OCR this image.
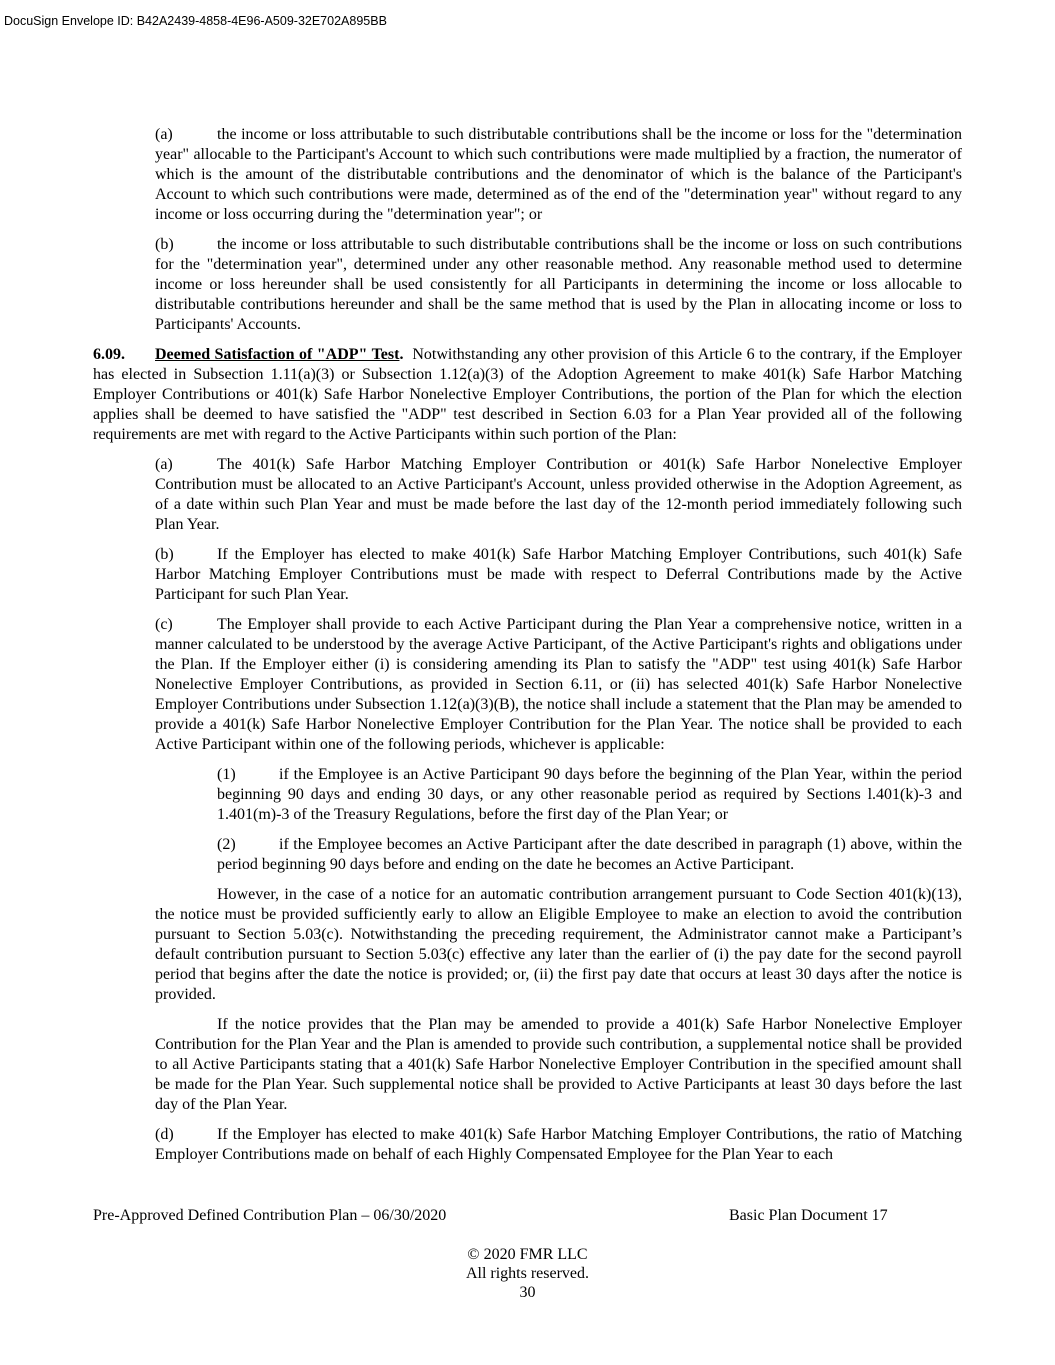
DocuSign Envelope ID: B42A2439-4858-4E96-A509-32E702A895BB

(a)	the income or loss attributable to such distributable contributions shall be the income or loss for the "determination year" allocable to the Participant's Account to which such contributions were made multiplied by a fraction, the numerator of which is the amount of the distributable contributions and the denominator of which is the balance of the Participant's Account to which such contributions were made, determined as of the end of the "determination year" without regard to any income or loss occurring during the "determination year"; or

(b)	the income or loss attributable to such distributable contributions shall be the income or loss on such contributions for the "determination year", determined under any other reasonable method. Any reasonable method used to determine income or loss hereunder shall be used consistently for all Participants in determining the income or loss allocable to distributable contributions hereunder and shall be the same method that is used by the Plan in allocating income or loss to Participants' Accounts.

6.09. Deemed Satisfaction of "ADP" Test. Notwithstanding any other provision of this Article 6 to the contrary, if the Employer has elected in Subsection 1.11(a)(3) or Subsection 1.12(a)(3) of the Adoption Agreement to make 401(k) Safe Harbor Matching Employer Contributions or 401(k) Safe Harbor Nonelective Employer Contributions, the portion of the Plan for which the election applies shall be deemed to have satisfied the "ADP" test described in Section 6.03 for a Plan Year provided all of the following requirements are met with regard to the Active Participants within such portion of the Plan:

(a)	The 401(k) Safe Harbor Matching Employer Contribution or 401(k) Safe Harbor Nonelective Employer Contribution must be allocated to an Active Participant's Account, unless provided otherwise in the Adoption Agreement, as of a date within such Plan Year and must be made before the last day of the 12-month period immediately following such Plan Year.

(b)	If the Employer has elected to make 401(k) Safe Harbor Matching Employer Contributions, such 401(k) Safe Harbor Matching Employer Contributions must be made with respect to Deferral Contributions made by the Active Participant for such Plan Year.

(c)	The Employer shall provide to each Active Participant during the Plan Year a comprehensive notice, written in a manner calculated to be understood by the average Active Participant, of the Active Participant's rights and obligations under the Plan. If the Employer either (i) is considering amending its Plan to satisfy the "ADP" test using 401(k) Safe Harbor Nonelective Employer Contributions, as provided in Section 6.11, or (ii) has selected 401(k) Safe Harbor Nonelective Employer Contributions under Subsection 1.12(a)(3)(B), the notice shall include a statement that the Plan may be amended to provide a 401(k) Safe Harbor Nonelective Employer Contribution for the Plan Year. The notice shall be provided to each Active Participant within one of the following periods, whichever is applicable:

(1)	if the Employee is an Active Participant 90 days before the beginning of the Plan Year, within the period beginning 90 days and ending 30 days, or any other reasonable period as required by Sections l.401(k)-3 and 1.401(m)-3 of the Treasury Regulations, before the first day of the Plan Year; or

(2)	if the Employee becomes an Active Participant after the date described in paragraph (1) above, within the period beginning 90 days before and ending on the date he becomes an Active Participant.

However, in the case of a notice for an automatic contribution arrangement pursuant to Code Section 401(k)(13), the notice must be provided sufficiently early to allow an Eligible Employee to make an election to avoid the contribution pursuant to Section 5.03(c). Notwithstanding the preceding requirement, the Administrator cannot make a Participant’s default contribution pursuant to Section 5.03(c) effective any later than the earlier of (i) the pay date for the second payroll period that begins after the date the notice is provided; or, (ii) the first pay date that occurs at least 30 days after the notice is provided.

If the notice provides that the Plan may be amended to provide a 401(k) Safe Harbor Nonelective Employer Contribution for the Plan Year and the Plan is amended to provide such contribution, a supplemental notice shall be provided to all Active Participants stating that a 401(k) Safe Harbor Nonelective Employer Contribution in the specified amount shall be made for the Plan Year. Such supplemental notice shall be provided to Active Participants at least 30 days before the last day of the Plan Year.

(d)	If the Employer has elected to make 401(k) Safe Harbor Matching Employer Contributions, the ratio of Matching Employer Contributions made on behalf of each Highly Compensated Employee for the Plan Year to each

Pre-Approved Defined Contribution Plan – 06/30/2020	Basic Plan Document 17
© 2020 FMR LLC
All rights reserved.
30
